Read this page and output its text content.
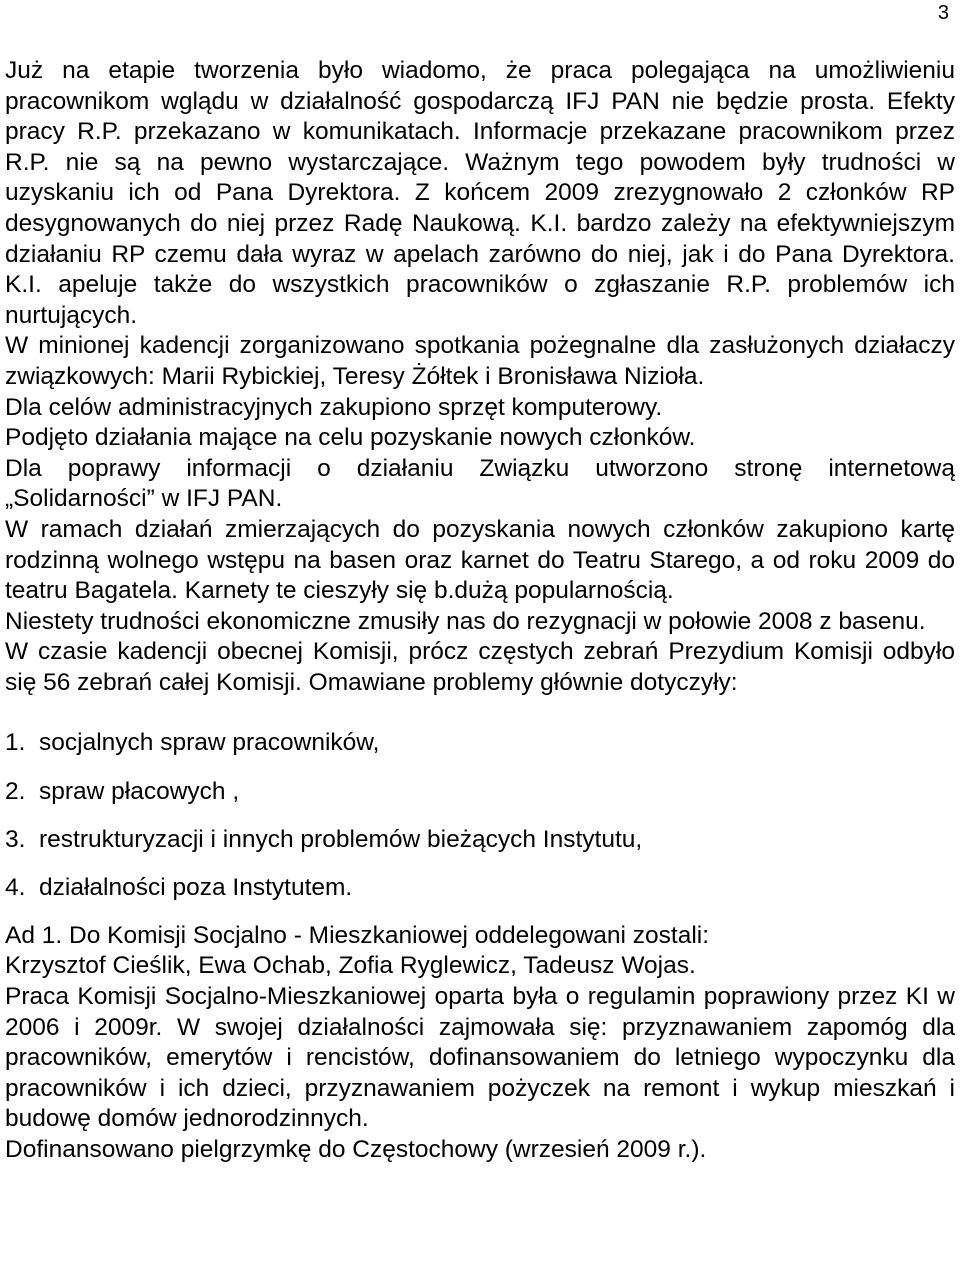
3

Już na etapie tworzenia było wiadomo, że praca polegająca na umożliwieniu pracownikom wglądu w działalność gospodarczą IFJ PAN nie będzie prosta. Efekty pracy R.P. przekazano w komunikatach. Informacje przekazane pracownikom przez R.P. nie są na pewno wystarczające. Ważnym tego powodem były trudności w uzyskaniu ich od Pana Dyrektora. Z końcem 2009 zrezygnowało 2 członków RP desygnowanych do niej przez Radę Naukową. K.I. bardzo zależy na efektywniejszym działaniu RP czemu dała wyraz w apelach zarówno do niej, jak i do Pana Dyrektora. K.I. apeluje także do wszystkich pracowników o zgłaszanie R.P. problemów ich nurtujących.

W minionej kadencji zorganizowano spotkania pożegnalne dla zasłużonych działaczy związkowych: Marii Rybickiej, Teresy Żółtek i Bronisława Nizioła.

Dla celów administracyjnych zakupiono sprzęt komputerowy.

Podjęto działania mające na celu pozyskanie nowych członków.

Dla poprawy informacji o działaniu Związku utworzono stronę internetową „Solidarności” w IFJ PAN.

W ramach działań zmierzających do pozyskania nowych członków zakupiono kartę rodzinną wolnego wstępu na basen oraz karnet do Teatru Starego, a od roku 2009 do teatru Bagatela. Karnety te cieszyły się b.dużą popularnością.

Niestety trudności ekonomiczne zmusiły nas do rezygnacji w połowie 2008 z basenu.

W czasie kadencji obecnej Komisji, prócz częstych zebrań Prezydium Komisji odbyło się 56 zebrań całej Komisji. Omawiane problemy głównie dotyczyły:

1. socjalnych spraw pracowników,
2. spraw płacowych ,
3. restrukturyzacji i innych problemów bieżących Instytutu,
4. działalności poza Instytutem.

Ad 1. Do Komisji Socjalno - Mieszkaniowej oddelegowani zostali:

Krzysztof Cieślik, Ewa Ochab, Zofia Ryglewicz, Tadeusz Wojas.

Praca Komisji Socjalno-Mieszkaniowej oparta była o regulamin poprawiony przez KI w 2006 i 2009r. W swojej działalności zajmowała się: przyznawaniem zapomóg dla pracowników, emerytów i rencistów, dofinansowaniem do letniego wypoczynku dla pracowników i ich dzieci, przyznawaniem pożyczek na remont i wykup mieszkań i budowę domów jednorodzinnych.

Dofinansowano pielgrzymkę do Częstochowy (wrzesień 2009 r.).
